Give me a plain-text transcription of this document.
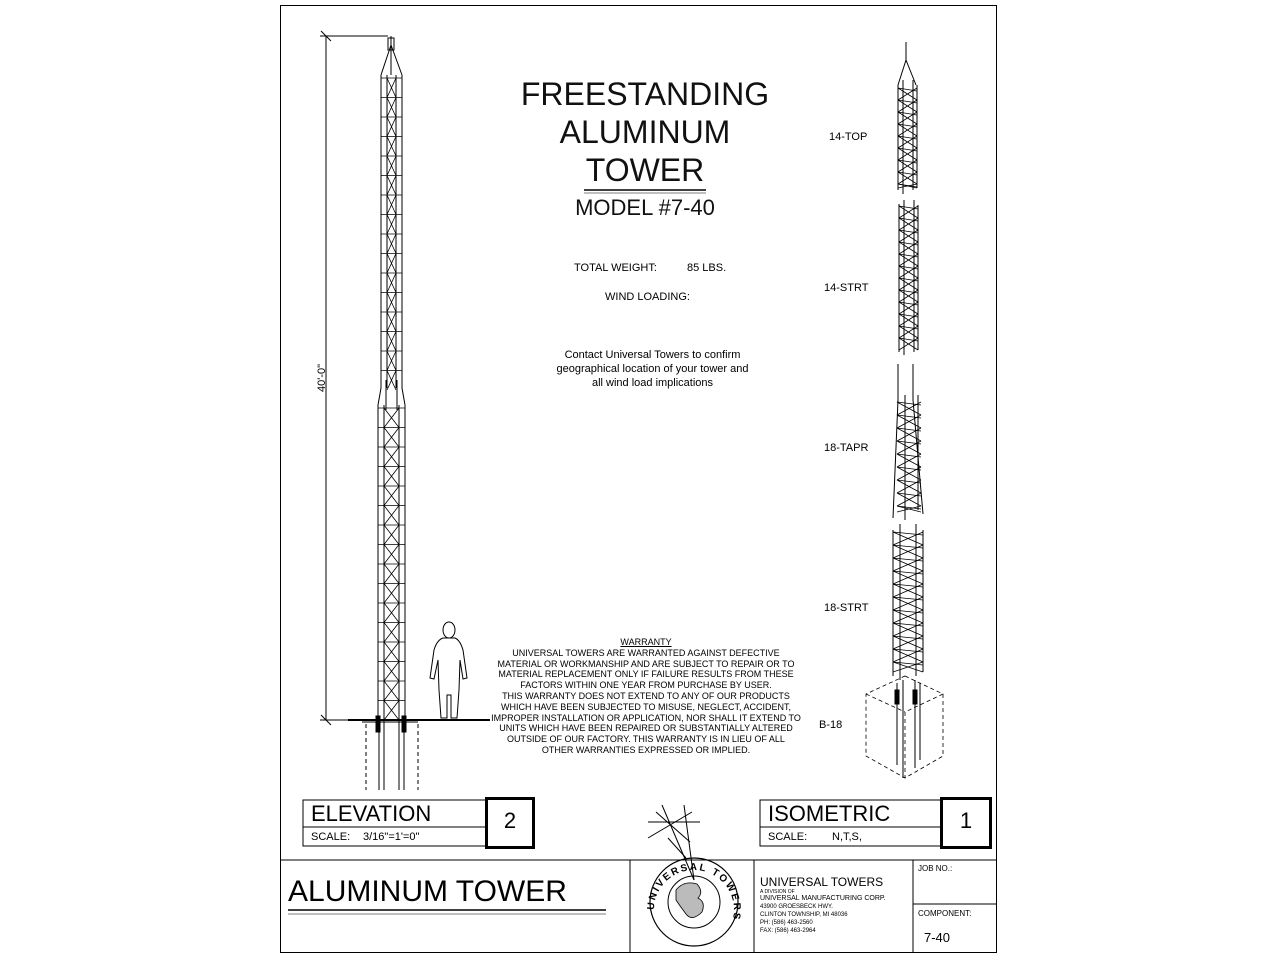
FREESTANDING
ALUMINUM
TOWER
MODEL #7-40
TOTAL WEIGHT:	85 LBS.
WIND LOADING:
Contact Universal Towers to confirm
geographical location of your tower and
all wind load implications
40'-0"
14-TOP
14-STRT
18-TAPR
18-STRT
B-18
WARRANTY
UNIVERSAL TOWERS ARE WARRANTED AGAINST DEFECTIVE
MATERIAL OR WORKMANSHIP AND ARE SUBJECT TO REPAIR OR TO
MATERIAL REPLACEMENT ONLY IF FAILURE RESULTS FROM THESE
FACTORS WITHIN ONE YEAR FROM PURCHASE BY USER.
THIS WARRANTY DOES NOT EXTEND TO ANY OF OUR PRODUCTS
WHICH HAVE BEEN SUBJECTED TO MISUSE, NEGLECT, ACCIDENT,
IMPROPER INSTALLATION OR APPLICATION, NOR SHALL IT EXTEND TO
UNITS WHICH HAVE BEEN REPAIRED OR SUBSTANTIALLY ALTERED
OUTSIDE OF OUR FACTORY. THIS WARRANTY IS IN LIEU OF ALL
OTHER WARRANTIES EXPRESSED OR IMPLIED.
ELEVATION
SCALE: 3/16"=1'=0"
2	ISOMETRIC
SCALE: N,T,S,
1
ALUMINUM TOWER	UNIVERSAL TOWERS
UNIVERSAL TOWERS
A DIVISION OF
UNIVERSAL MANUFACTURING CORP.
43900 GROESBECK HWY.
CLINTON TOWNSHIP, MI 48036
PH: (586) 463-2560
FAX: (586) 463-2964
JOB NO.:
COMPONENT:
7-40
